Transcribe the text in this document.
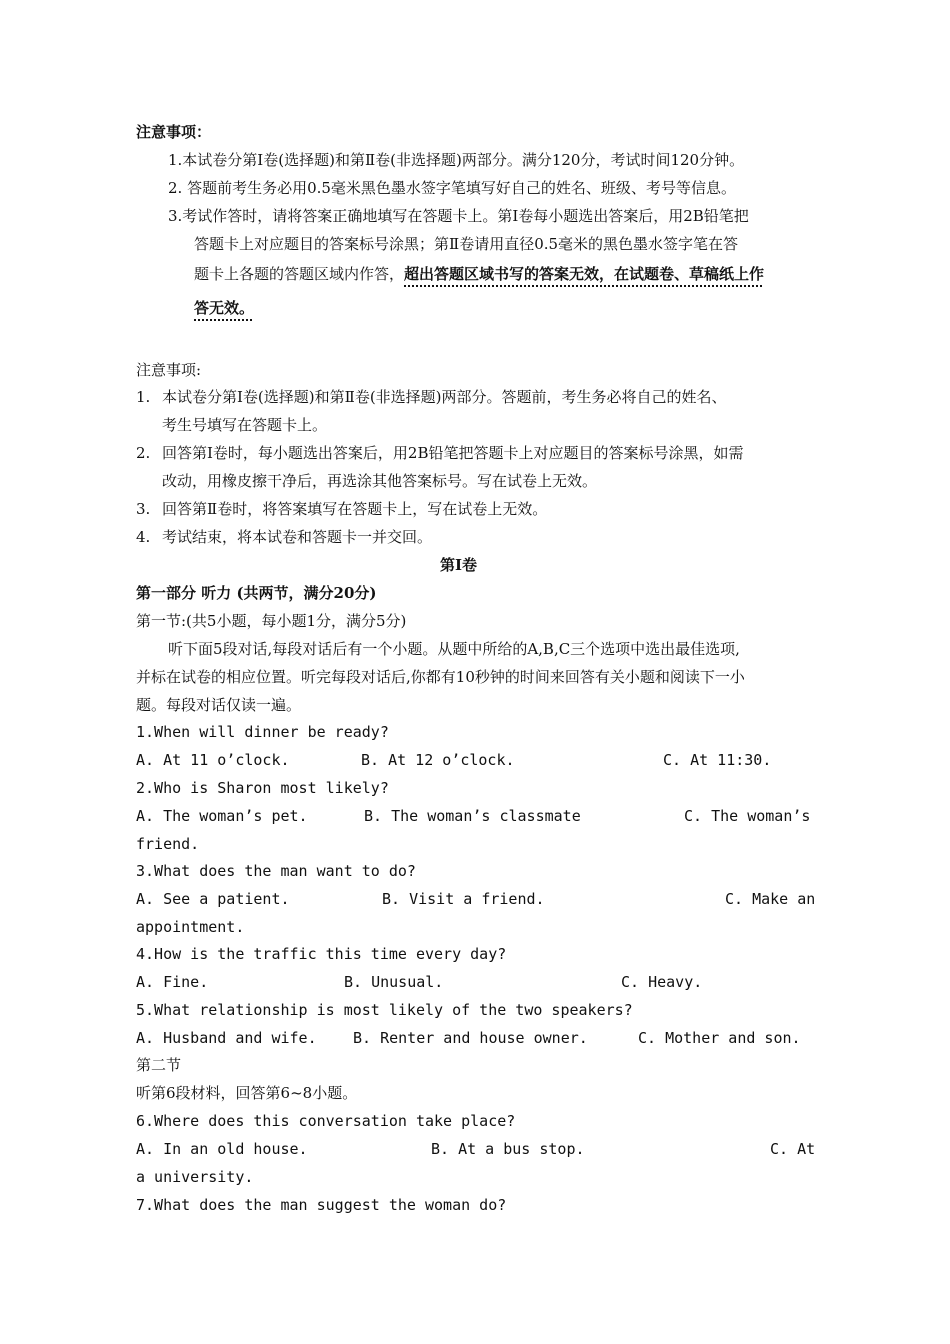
注意事项：
1.本试卷分第Ⅰ卷(选择题)和第Ⅱ卷(非选择题)两部分。满分120分，考试时间120分钟。
2. 答题前考生务必用0.5毫米黑色墨水签字笔填写好自己的姓名、班级、考号等信息。
3.考试作答时，请将答案正确地填写在答题卡上。第Ⅰ卷每小题选出答案后，用2B铅笔把
答题卡上对应题目的答案标号涂黑；第Ⅱ卷请用直径0.5毫米的黑色墨水签字笔在答
题卡上各题的答题区域内作答，超出答题区域书写的答案无效，在试题卷、草稿纸上作
答无效。
注意事项:
1. 本试卷分第Ⅰ卷(选择题)和第Ⅱ卷(非选择题)两部分。答题前，考生务必将自己的姓名、
考生号填写在答题卡上。
2. 回答第Ⅰ卷时，每小题选出答案后，用2B铅笔把答题卡上对应题目的答案标号涂黑，如需
改动，用橡皮擦干净后，再选涂其他答案标号。写在试卷上无效。
3. 回答第Ⅱ卷时，将答案填写在答题卡上，写在试卷上无效。
4. 考试结束，将本试卷和答题卡一并交回。
第Ⅰ卷
第一部分 听力 (共两节，满分20分)
第一节:(共5小题，每小题1分，满分5分)
听下面5段对话,每段对话后有一个小题。从题中所给的A,B,C三个选项中选出最佳选项,
并标在试卷的相应位置。听完每段对话后,你都有10秒钟的时间来回答有关小题和阅读下一小
题。每段对话仅读一遍。
1.When will dinner be ready?
A. At 11 o’clock.	B. At 12 o’clock.	C. At 11:30.
2.Who is Sharon most likely?
A. The woman’s pet.	B. The woman’s classmate	C. The woman’s
friend.
3.What does the man want to do?
A. See a patient.	B. Visit a friend.	C. Make an
appointment.
4.How is the traffic this time every day?
A. Fine.	B. Unusual.	C. Heavy.
5.What relationship is most likely of the two speakers?
A. Husband and wife. B. Renter and house owner.	C. Mother and son.
第二节
听第6段材料，回答第6~8小题。
6.Where does this conversation take place?
A. In an old house.	B. At a bus stop.	C. At
a university.
7.What does the man suggest the woman do?
